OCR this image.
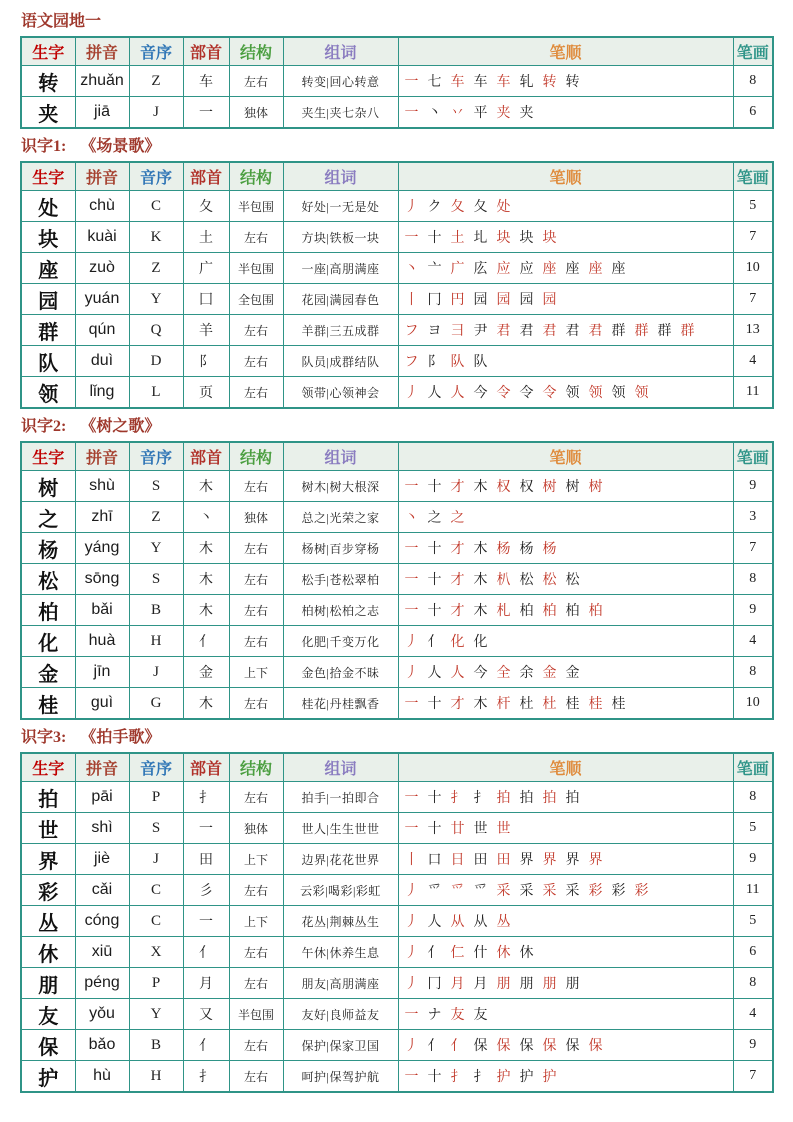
语文园地一
生字	拼音	音序	部首	结构	组词	笔顺	笔画
转	zhuǎn	Z	车	左右	转变|回心转意	一 七 车 车 车 轧 转 转	8
夹	jiā	J	一	独体	夹生|夹七杂八	一 丶 丷 平 夹 夹	6
识字1: 《场景歌》
生字	拼音	音序	部首	结构	组词	笔顺	笔画
处	chù	C	夂	半包围	好处|一无是处	丿 ク 夂 夂 处	5
块	kuài	K	土	左右	方块|铁板一块	一 十 土 圠 块 块 块	7
座	zuò	Z	广	半包围	一座|高朋满座	丶 亠 广 庅 应 应 座 座 座 座	10
园	yuán	Y	囗	全包围	花园|满园春色	丨 冂 円 园 园 园 园	7
群	qún	Q	羊	左右	羊群|三五成群	フ ヨ 彐 尹 君 君 君 君 君 群 群 群 群	13
队	duì	D	阝	左右	队员|成群结队	フ 阝 队 队	4
领	lǐng	L	页	左右	领带|心领神会	丿 人 人 今 令 令 令 领 领 领 领	11
识字2: 《树之歌》
生字	拼音	音序	部首	结构	组词	笔顺	笔画
树	shù	S	木	左右	树木|树大根深	一 十 才 木 权 权 树 树 树	9
之	zhī	Z	丶	独体	总之|光荣之家	丶 之 之	3
杨	yáng	Y	木	左右	杨树|百步穿杨	一 十 才 木 杨 杨 杨	7
松	sōng	S	木	左右	松手|苍松翠柏	一 十 才 木 朳 松 松 松	8
柏	bǎi	B	木	左右	柏树|松柏之志	一 十 才 木 札 柏 柏 柏 柏	9
化	huà	H	亻	左右	化肥|千变万化	丿 亻 化 化	4
金	jīn	J	金	上下	金色|拾金不昧	丿 人 人 今 全 余 金 金	8
桂	guì	G	木	左右	桂花|丹桂飘香	一 十 才 木 杆 杜 杜 桂 桂 桂	10
识字3: 《拍手歌》
生字	拼音	音序	部首	结构	组词	笔顺	笔画
拍	pāi	P	扌	左右	拍手|一拍即合	一 十 扌 扌 拍 拍 拍 拍	8
世	shì	S	一	独体	世人|生生世世	一 十 廿 世 世	5
界	jiè	J	田	上下	边界|花花世界	丨 口 日 田 田 界 界 界 界	9
彩	cǎi	C	彡	左右	云彩|喝彩|彩虹	丿 爫 爫 爫 采 采 采 采 彩 彩 彩	11
丛	cóng	C	一	上下	花丛|荆棘丛生	丿 人 从 从 丛	5
休	xiū	X	亻	左右	午休|休养生息	丿 亻 仁 什 休 休	6
朋	péng	P	月	左右	朋友|高朋满座	丿 冂 月 月 朋 朋 朋 朋	8
友	yǒu	Y	又	半包围	友好|良师益友	一 ナ 友 友	4
保	bǎo	B	亻	左右	保护|保家卫国	丿 亻 亻 保 保 保 保 保 保	9
护	hù	H	扌	左右	呵护|保驾护航	一 十 扌 扌 护 护 护	7
